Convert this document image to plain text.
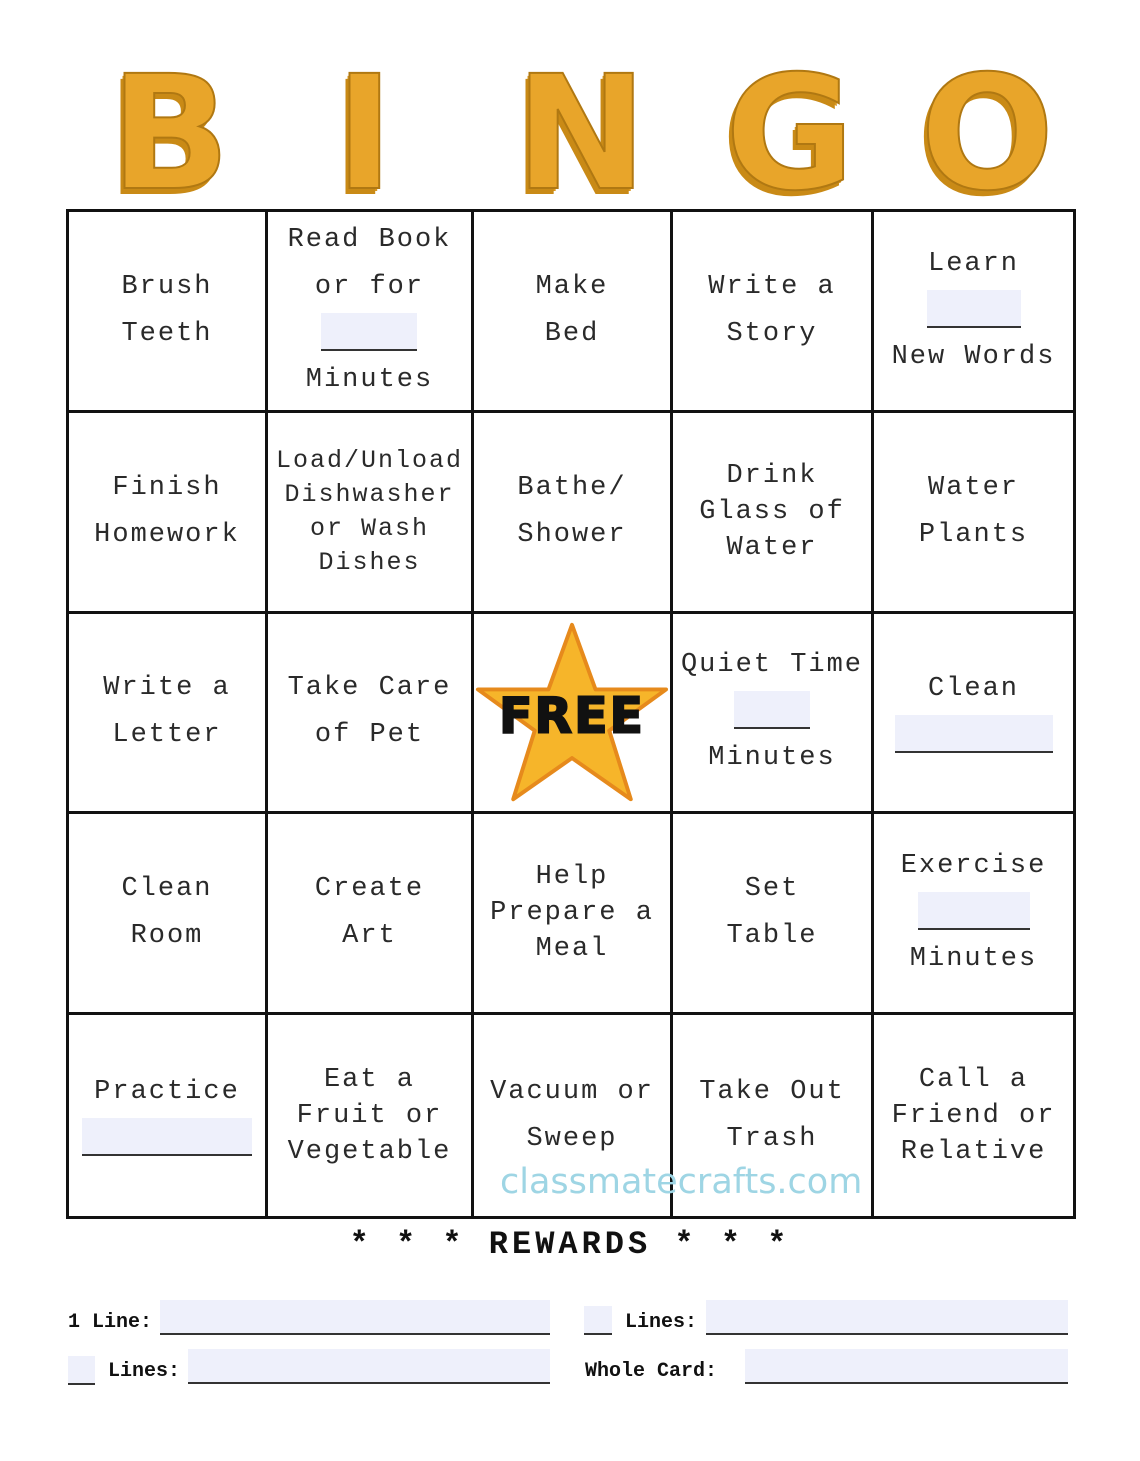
B I N G O
Brush
Teeth
Read Book
or for
Minutes
Make
Bed
Write a
Story
Learn
New Words
Finish
Homework
Load/Unload
Dishwasher
or Wash
Dishes
Bathe/
Shower
Drink
Glass of
Water
Water
Plants
Write a
Letter
Take Care
of Pet FREE
Quiet Time
Minutes
Clean
Clean
Room
Create
Art
Help
Prepare a
Meal
Set
Table
Exercise
Minutes
Practice	Eat a
Fruit or
Vegetable
Vacuum or
Sweep
Take Out
Trash
Call a
Friend or
Relative
classmatecrafts.com
* * * REWARDS * * *
1 Line:	Lines:
Lines:	Whole Card:
